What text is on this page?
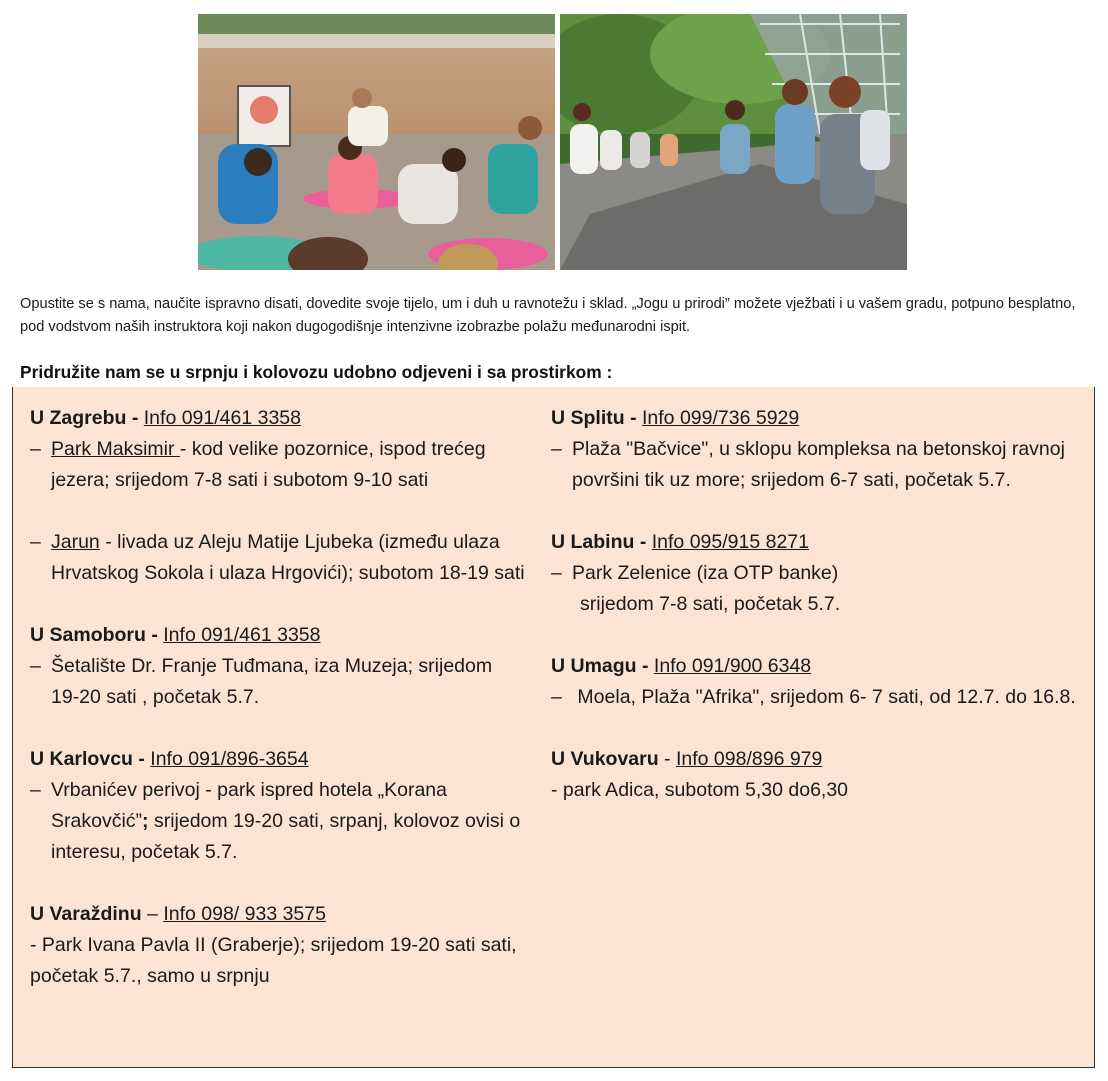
Opustite se s nama, naučite ispravno disati, dovedite svoje tijelo, um i duh u ravnotežu i sklad. „Jogu u prirodi” možete vježbati i u vašem gradu, potpuno besplatno, pod vodstvom naših instruktora koji nakon dugogodišnje intenzivne izobrazbe polažu međunarodni ispit.
Pridružite nam se u srpnju i kolovozu udobno odjeveni i sa prostirkom :
U Zagrebu - Info 091/461 3358
– Park Maksimir - kod velike pozornice, ispod trećeg jezera; srijedom 7-8 sati i subotom 9-10 sati
– Jarun - livada uz Aleju Matije Ljubeka (između ulaza Hrvatskog Sokola i ulaza Hrgovići); subotom 18-19 sati
U Samoboru - Info 091/461 3358
– Šetalište Dr. Franje Tuđmana, iza Muzeja; srijedom 19-20 sati , početak 5.7.
U Karlovcu - Info 091/896-3654
– Vrbanićev perivoj - park ispred hotela „Korana Srakovčić”; srijedom 19-20 sati, srpanj, kolovoz ovisi o interesu, početak 5.7.
U Varaždinu – Info 098/ 933 3575
- Park Ivana Pavla II (Graberje); srijedom 19-20 sati sati, početak 5.7., samo u srpnju
U Splitu - Info 099/736 5929
– Plaža "Bačvice", u sklopu kompleksa na betonskoj ravnoj površini tik uz more; srijedom 6-7 sati, početak 5.7.
U Labinu - Info 095/915 8271
– Park Zelenice (iza OTP banke)
srijedom 7-8 sati, početak 5.7.
U Umagu - Info 091/900 6348
– Moela, Plaža "Afrika", srijedom 6- 7 sati, od 12.7. do 16.8.
U Vukovaru - Info 098/896 979
- park Adica, subotom 5,30 do6,30
